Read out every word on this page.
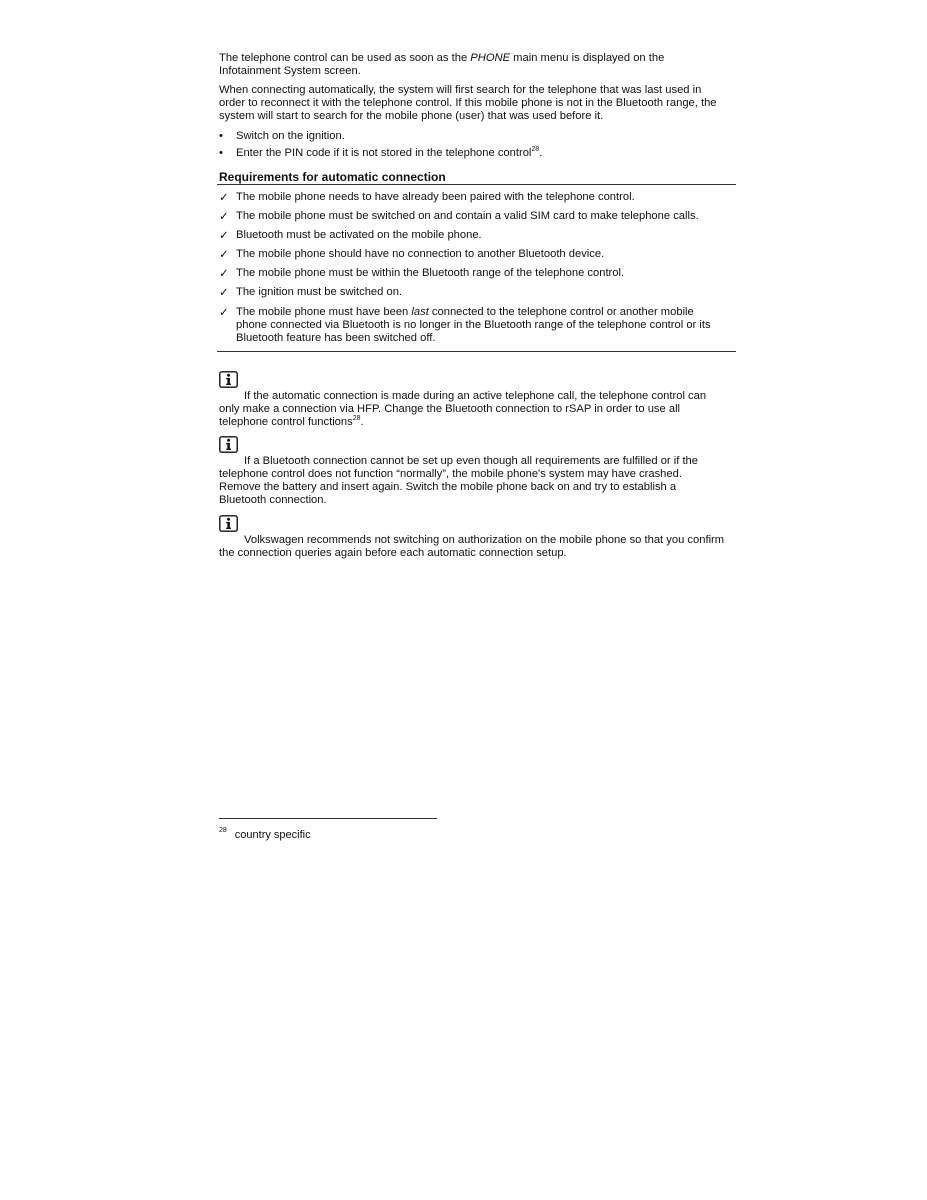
The telephone control can be used as soon as the PHONE main menu is displayed on the
Infotainment System screen.

When connecting automatically, the system will first search for the telephone that was last used in
order to reconnect it with the telephone control. If this mobile phone is not in the Bluetooth range, the
system will start to search for the mobile phone (user) that was used before it.

•	Switch on the ignition.
•	Enter the PIN code if it is not stored in the telephone control$^{28}$.
Requirements for automatic connection
✓ The mobile phone needs to have already been paired with the telephone control.
✓ The mobile phone must be switched on and contain a valid SIM card to make telephone calls.
✓ Bluetooth must be activated on the mobile phone.
✓ The mobile phone should have no connection to another Bluetooth device.
✓ The mobile phone must be within the Bluetooth range of the telephone control.
✓ The ignition must be switched on.
✓ The mobile phone must have been last connected to the telephone control or another mobile
phone connected via Bluetooth is no longer in the Bluetooth range of the telephone control or its
Bluetooth feature has been switched off.

If the automatic connection is made during an active telephone call, the telephone control can
only make a connection via HFP. Change the Bluetooth connection to rSAP in order to use all
telephone control functions$^{28}$.

If a Bluetooth connection cannot be set up even though all requirements are fulfilled or if the
telephone control does not function “normally”, the mobile phone's system may have crashed.
Remove the battery and insert again. Switch the mobile phone back on and try to establish a
Bluetooth connection.

Volkswagen recommends not switching on authorization on the mobile phone so that you confirm
the connection queries again before each automatic connection setup.

$^{28}$ country specific
